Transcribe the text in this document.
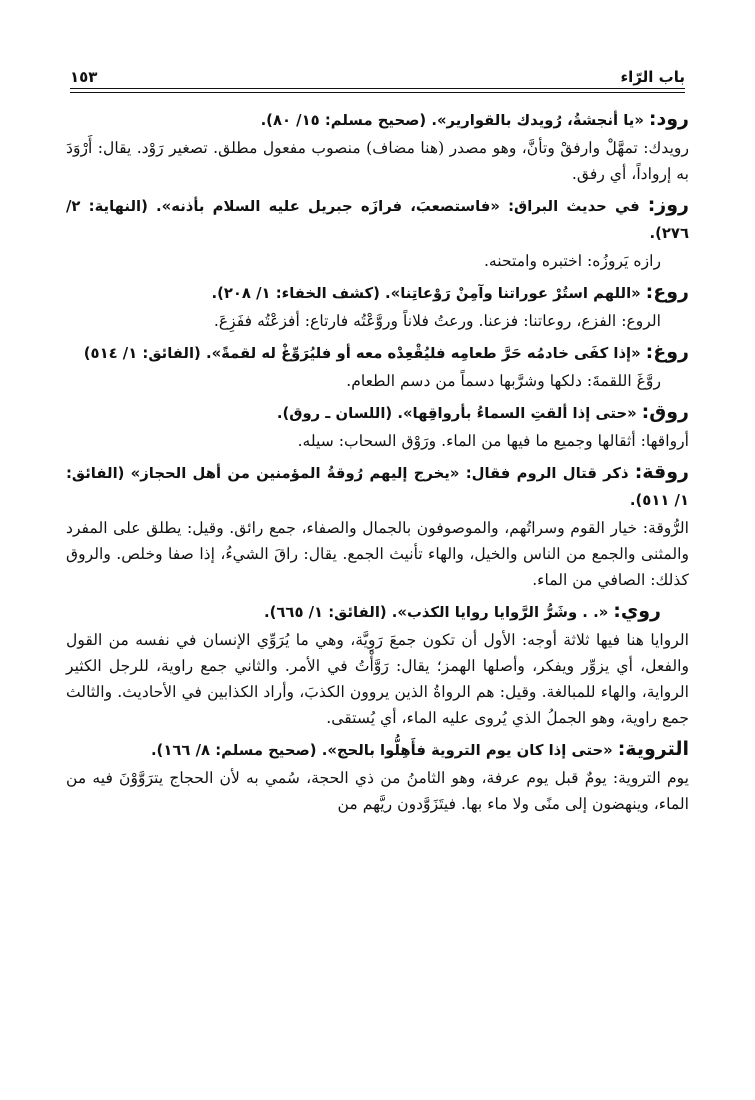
باب الرّاء
١٥٣

رود: «يا أنجشةُ، رُويدك بالقوارير». (صحيح مسلم: ١٥/ ٨٠).

رويدك: تمهَّلْ وارفقْ وتأنَّ، وهو مصدر (هنا مضاف) منصوب مفعول مطلق. تصغير رَوْد. يقال: أَرْوَدَ به إرواداً، أي رفق.

روز: في حديث البراق: «فاستصعبَ، فرازَه جبريل عليه السلام بأذنه». (النهاية: ٢/ ٢٧٦).

رازه يَروزُه: اختبره وامتحنه.

روع: «اللهم استُرْ عوراتنا وآمِنْ رَوْعاتِنا». (كشف الخفاء: ١/ ٢٠٨).

الروع: الفزع، روعاتنا: فزعنا. ورعتُ فلاناً وروَّعْتُه فارتاع: أفزعْتُه ففَزِعَ.

روغ: «إذا كفَى خادمُه حَرَّ طعامِه فليُقْعِدْه معه أو فليُرَوِّغْ له لقمةً». (الفائق: ١/ ٥١٤)

روَّغَ اللقمةَ: دلكها وشرَّبها دسماً من دسم الطعام.

روق: «حتى إذا ألقتِ السماءُ بأرواقِها». (اللسان ـ روق).

أرواقها: أثقالها وجميع ما فيها من الماء. ورَوْق السحاب: سيله.

روقة: ذكر قتال الروم فقال: «يخرج إليهم رُوقةُ المؤمنين من أهل الحجاز» (الفائق: ١/ ٥١١).

الرُّوقة: خيار القوم وسراتُهم، والموصوفون بالجمال والصفاء، جمع رائق. وقيل: يطلق على المفرد والمثنى والجمع من الناس والخيل، والهاء تأنيث الجمع. يقال: راقَ الشيءُ، إذا صفا وخلص. والروق كذلك: الصافي من الماء.

روي: «. . وشَرُّ الرَّوايا روايا الكذب». (الفائق: ١/ ٦٦٥).

الروايا هنا فيها ثلاثة أوجه: الأول أن تكون جمعَ رَوِيَّة، وهي ما يُرَوِّي الإنسان في نفسه من القول والفعل، أي يزوِّر ويفكر، وأصلها الهمز؛ يقال: رَوَّأْتُ في الأمر. والثاني جمع راوية، للرجل الكثير الرواية، والهاء للمبالغة. وقيل: هم الرواةُ الذين يروون الكذبَ، وأراد الكذابين في الأحاديث. والثالث جمع راوية، وهو الجملُ الذي يُروى عليه الماء، أي يُستقى.

التروية: «حتى إذا كان يوم التروية فأَهِلُّوا بالحج». (صحيح مسلم: ٨/ ١٦٦).

يوم التروية: يومٌ قبل يوم عرفة، وهو الثامنُ من ذي الحجة، سُمي به لأن الحجاج يترَوَّوْنَ فيه من الماء، وينهضون إلى منًى ولا ماء بها. فيتَزَوَّدون ريَّهم من
